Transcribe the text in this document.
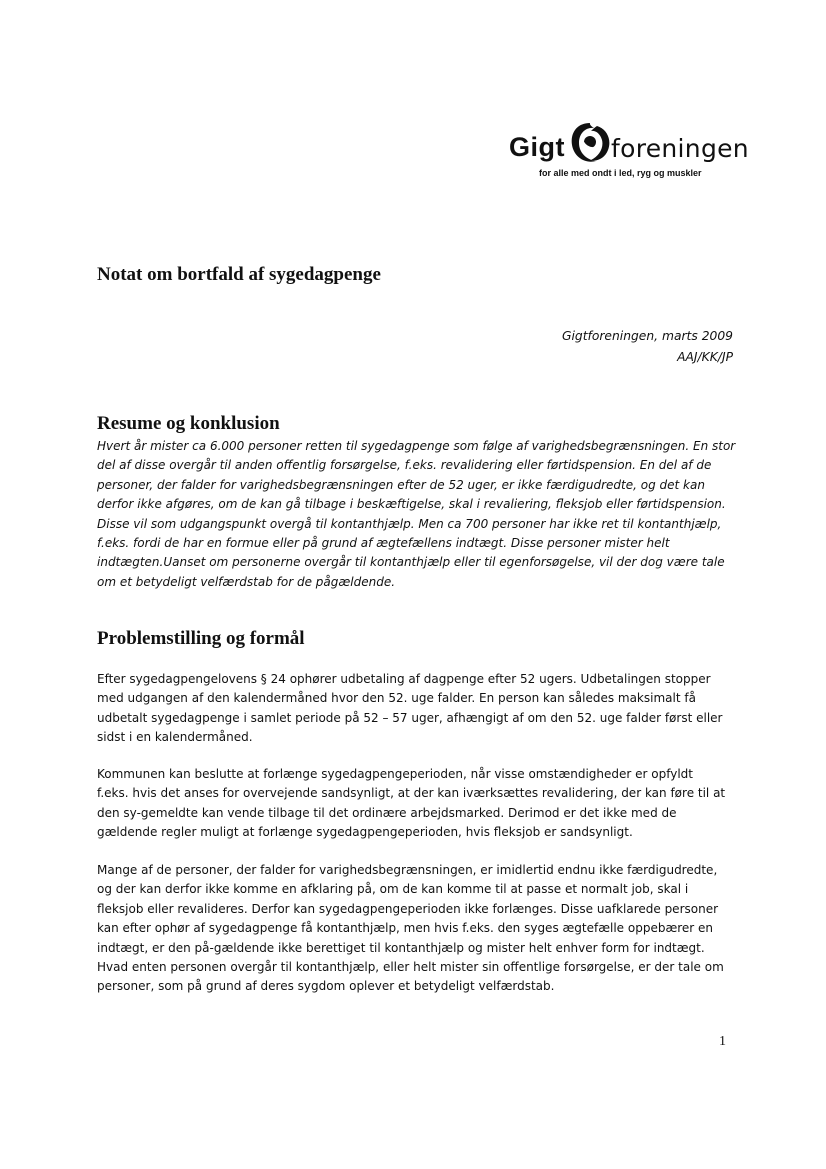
Gigt foreningen
for alle med ondt i led, ryg og muskler
Notat om bortfald af sygedagpenge
Gigtforeningen, marts 2009
AAJ/KK/JP
Resume og konklusion

Hvert år mister ca 6.000 personer retten til sygedagpenge som følge af varighedsbegrænsningen. En stor del af disse overgår til anden offentlig forsørgelse, f.eks. revalidering eller førtidspension. En del af de personer, der falder for varighedsbegrænsningen efter de 52 uger, er ikke færdigudredte, og det kan derfor ikke afgøres, om de kan gå tilbage i beskæftigelse, skal i revaliering, fleksjob eller førtidspension. Disse vil som udgangspunkt overgå til kontanthjælp. Men ca 700 personer har ikke ret til kontanthjælp, f.eks. fordi de har en formue eller på grund af ægtefællens indtægt. Disse personer mister helt indtægten.Uanset om personerne overgår til kontanthjælp eller til egenforsøgelse, vil der dog være tale om et betydeligt velfærdstab for de pågældende.

Problemstilling og formål

Efter sygedagpengelovens § 24 ophører udbetaling af dagpenge efter 52 ugers. Udbetalingen stopper med udgangen af den kalendermåned hvor den 52. uge falder. En person kan således maksimalt få udbetalt sygedagpenge i samlet periode på 52 – 57 uger, afhængigt af om den 52. uge falder først eller sidst i en kalendermåned.

Kommunen kan beslutte at forlænge sygedagpengeperioden, når visse omstændigheder er opfyldt f.eks. hvis det anses for overvejende sandsynligt, at der kan iværksættes revalidering, der kan føre til at den sy-gemeldte kan vende tilbage til det ordinære arbejdsmarked. Derimod er det ikke med de gældende regler muligt at forlænge sygedagpengeperioden, hvis fleksjob er sandsynligt.

Mange af de personer, der falder for varighedsbegrænsningen, er imidlertid endnu ikke færdigudredte, og der kan derfor ikke komme en afklaring på, om de kan komme til at passe et normalt job, skal i fleksjob eller revalideres. Derfor kan sygedagpengeperioden ikke forlænges. Disse uafklarede personer kan efter ophør af sygedagpenge få kontanthjælp, men hvis f.eks. den syges ægtefælle oppebærer en indtægt, er den på-gældende ikke berettiget til kontanthjælp og mister helt enhver form for indtægt. Hvad enten personen overgår til kontanthjælp, eller helt mister sin offentlige forsørgelse, er der tale om personer, som på grund af deres sygdom oplever et betydeligt velfærdstab.

1
